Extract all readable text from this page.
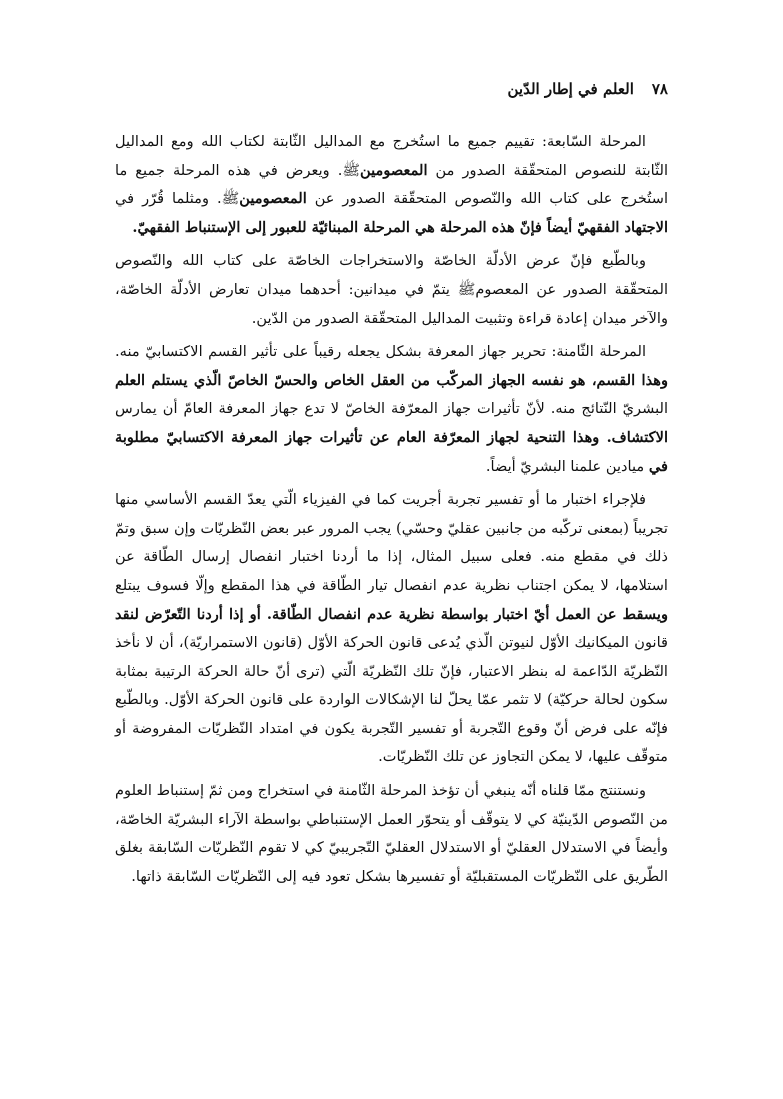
٧٨
العلم في إطار الدّين

المرحلة السّابعة: تقييم جميع ما استُخرج مع المداليل الثّابتة لكتاب الله ومع المداليل الثّابتة للنصوص المتحقّقة الصدور من المعصومينﷺ. ويعرض في هذه المرحلة جميع ما استُخرج على كتاب الله والنّصوص المتحقّقة الصدور عن المعصومينﷺ. ومثلما قُرّر في الاجتهاد الفقهيّ أيضاً فإنّ هذه المرحلة هي المرحلة المبنائيّة للعبور إلى الإستنباط الفقهيّ.

وبالطّبع فإنّ عرض الأدلّة الخاصّة والاستخراجات الخاصّة على كتاب الله والنّصوص المتحقّقة الصدور عن المعصومﷺ يتمّ في ميدانين: أحدهما ميدان تعارض الأدلّة الخاصّة، والآخر ميدان إعادة قراءة وتثبيت المداليل المتحقّقة الصدور من الدّين.

المرحلة الثّامنة: تحرير جهاز المعرفة بشكل يجعله رقيباً على تأثير القسم الاكتسابيّ منه. وهذا القسم، هو نفسه الجهاز المركّب من العقل الخاص والحسّ الخاصّ الّذي يستلم العلم البشريّ النّتائج منه. لأنّ تأثيرات جهاز المعرّفة الخاصّ لا تدع جهاز المعرفة العامّ أن يمارس الاكتشاف. وهذا التنحية لجهاز المعرّفة العام عن تأثيرات جهاز المعرفة الاكتسابيّ مطلوبة في ميادين علمنا البشريّ أيضاً.

فلإجراء اختبار ما أو تفسير تجربة أجريت كما في الفيزياء الّتي يعدّ القسم الأساسي منها تجريباً (بمعنى تركّبه من جانبين عقليّ وحسّي) يجب المرور عبر بعض النّظريّات وإن سبق وتمّ ذلك في مقطع منه. فعلى سبيل المثال، إذا ما أردنا اختبار انفصال إرسال الطّاقة عن استلامها، لا يمكن اجتناب نظرية عدم انفصال تيار الطّاقة في هذا المقطع وإلّا فسوف يبتلع ويسقط عن العمل أيّ اختبار بواسطة نظرية عدم انفصال الطّاقة. أو إذا أردنا التّعرّض لنقد قانون الميكانيك الأوّل لنيوتن الّذي يُدعى قانون الحركة الأوّل (قانون الاستمراريّة)، أن لا نأخذ النّظريّة الدّاعمة له بنظر الاعتبار، فإنّ تلك النّظريّة الّتي (ترى أنّ حالة الحركة الرتيبة بمثابة سكون لحالة حركيّة) لا تثمر عمّا يحلّ لنا الإشكالات الواردة على قانون الحركة الأوّل. وبالطّبع فإنّه على فرض أنّ وقوع التّجربة أو تفسير التّجربة يكون في امتداد النّظريّات المفروضة أو متوقّف عليها، لا يمكن التجاوز عن تلك النّظريّات.

ونستنتج ممّا قلناه أنّه ينبغي أن تؤخذ المرحلة الثّامنة في استخراج ومن ثمّ إستنباط العلوم من النّصوص الدّينيّة كي لا يتوقّف أو يتحوّر العمل الإستنباطي بواسطة الآراء البشريّة الخاصّة، وأيضاً في الاستدلال العقليّ أو الاستدلال العقليّ التّجريبيّ كي لا تقوم النّظريّات السّابقة بغلق الطّريق على النّظريّات المستقبليّة أو تفسيرها بشكل تعود فيه إلى النّظريّات السّابقة ذاتها.
